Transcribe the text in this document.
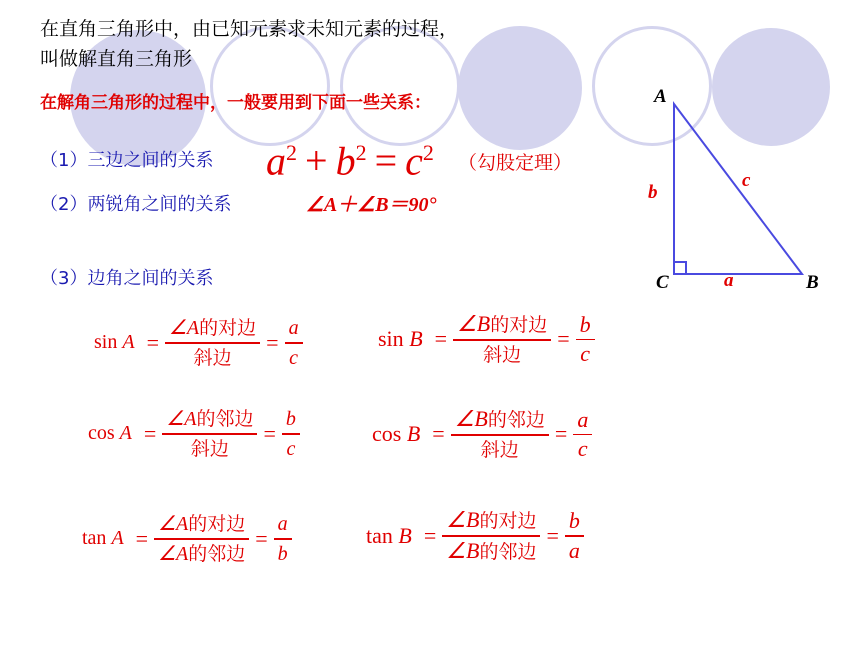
在直角三角形中，由已知元素求未知元素的过程，
叫做解直角三角形
在解角三角形的过程中，一般要用到下面一些关系：
（1）三边之间的关系 $a^2 + b^2 = c^2$ （勾股定理）
（2）两锐角之间的关系	∠A＋∠B＝90°
（3）边角之间的关系
$\sin A = \frac{\text{∠A的对边}}{\text{斜边}} = \frac{a}{c}$	$\sin B = \frac{\text{∠B的对边}}{\text{斜边}} = \frac{b}{c}$
$\cos A = \frac{\text{∠A的邻边}}{\text{斜边}} = \frac{b}{c}$	$\cos B = \frac{\text{∠B的邻边}}{\text{斜边}} = \frac{a}{c}$
$\tan A = \frac{\text{∠A的对边}}{\text{∠A的邻边}} = \frac{a}{b}$	$\tan B = \frac{\text{∠B的对边}}{\text{∠B的邻边}} = \frac{b}{a}$
A
B
C	a
b
c
